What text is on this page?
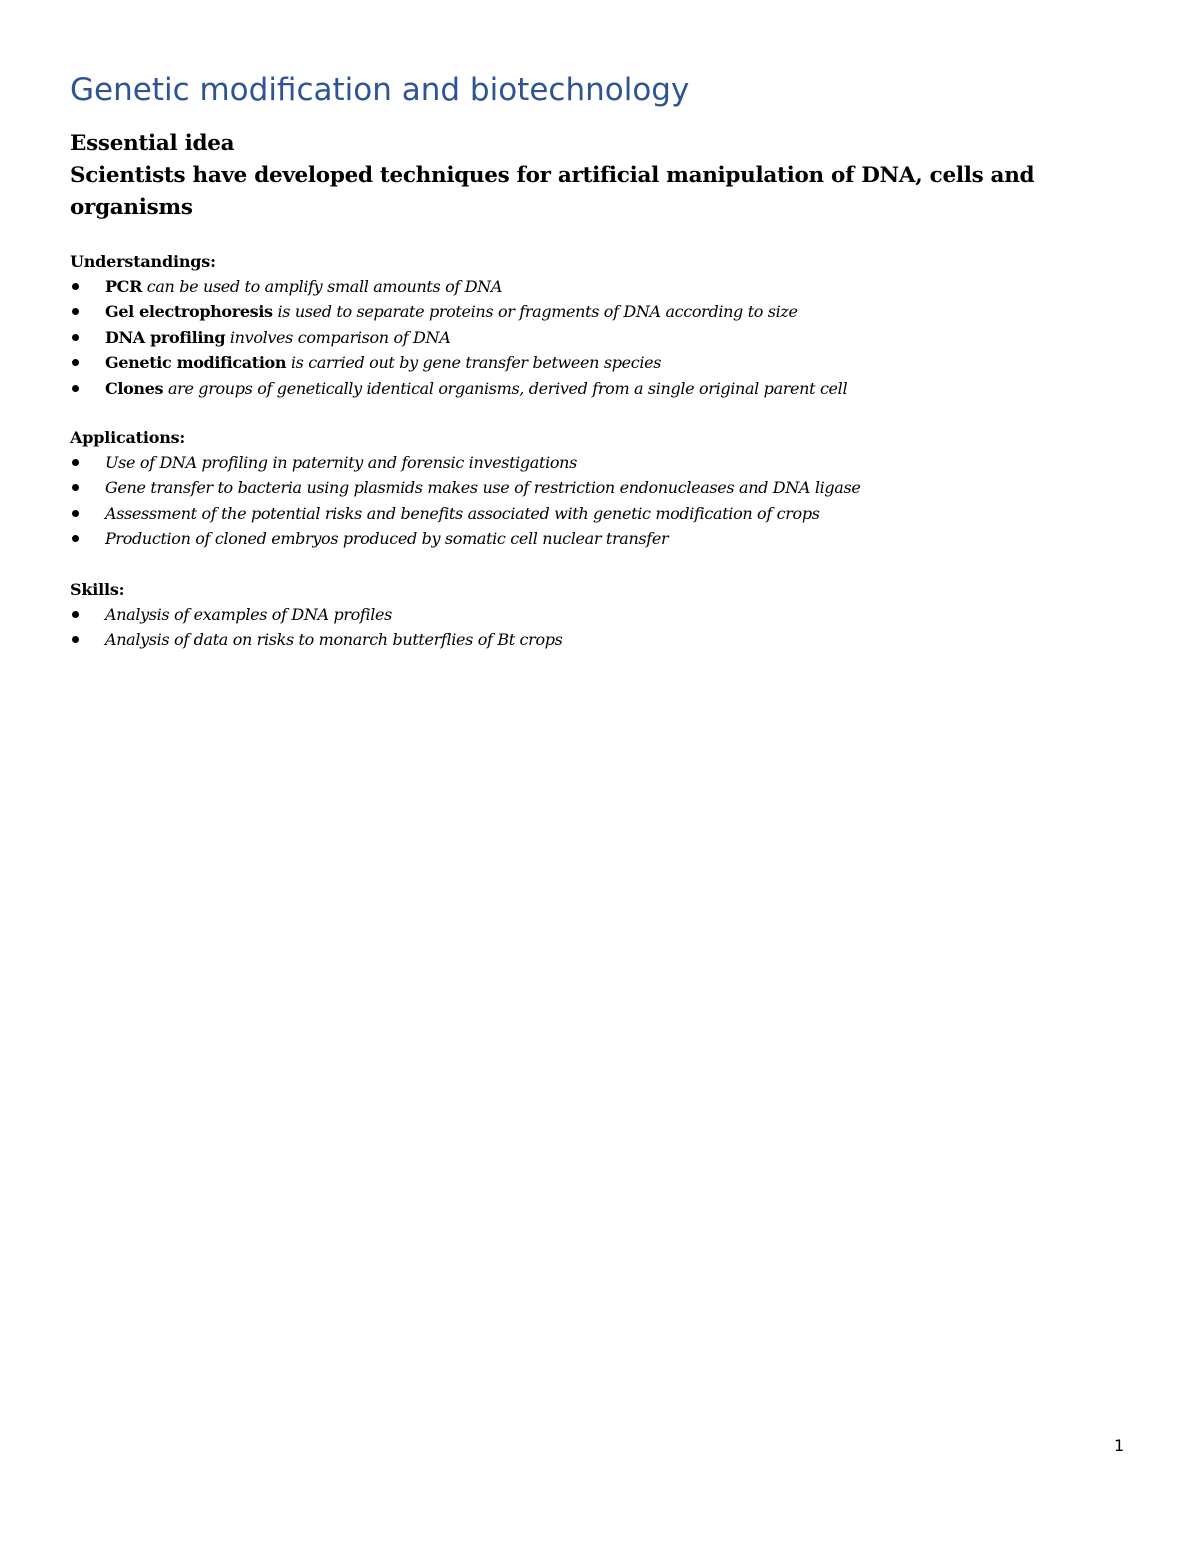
Genetic modification and biotechnology
Essential idea
Scientists have developed techniques for artificial manipulation of DNA, cells and
organisms
Understandings:
PCR can be used to amplify small amounts of DNA
Gel electrophoresis is used to separate proteins or fragments of DNA according to size
DNA profiling involves comparison of DNA
Genetic modification is carried out by gene transfer between species
Clones are groups of genetically identical organisms, derived from a single original parent cell
Applications:
Use of DNA profiling in paternity and forensic investigations
Gene transfer to bacteria using plasmids makes use of restriction endonucleases and DNA ligase
Assessment of the potential risks and benefits associated with genetic modification of crops
Production of cloned embryos produced by somatic cell nuclear transfer
Skills:
Analysis of examples of DNA profiles
Analysis of data on risks to monarch butterflies of Bt crops
1
